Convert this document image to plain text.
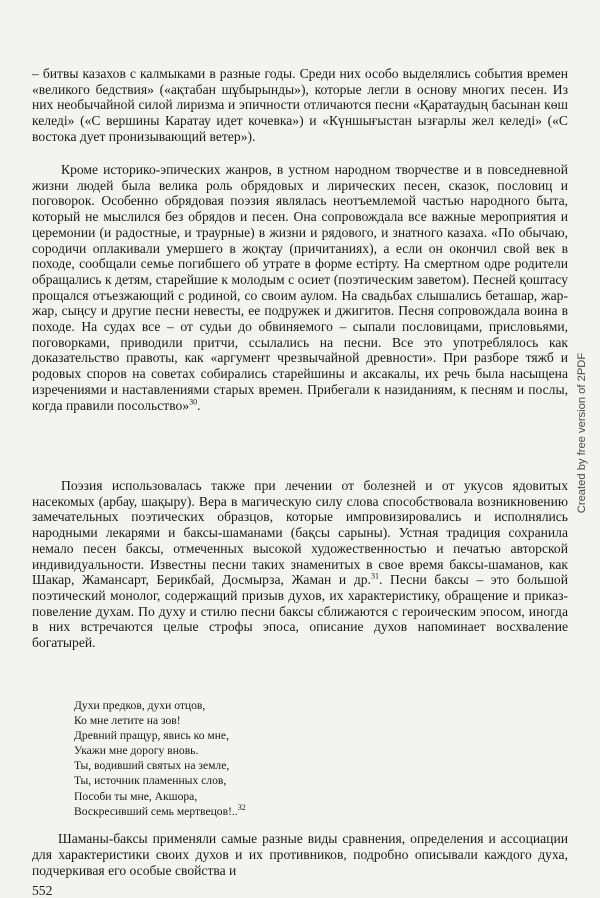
– битвы казахов с калмыками в разные годы. Среди них особо выделялись события времен «великого бедствия» («ақтабан шұбырынды»), которые легли в основу многих песен. Из них необычайной силой лиризма и эпичности отличаются песни «Қаратаудың басынан көш келеді» («С вершины Каратау идет кочевка») и «Күншығыстан ызғарлы жел келеді» («С востока дует пронизывающий ветер»).
Кроме историко-эпических жанров, в устном народном творчестве и в повседневной жизни людей была велика роль обрядовых и лирических песен, сказок, пословиц и поговорок. Особенно обрядовая поэзия являлась неотъемлемой частью народного быта, который не мыслился без обрядов и песен. Она сопровождала все важные мероприятия и церемонии (и радостные, и траурные) в жизни и рядового, и знатного казаха. «По обычаю, сородичи оплакивали умершего в жоқтау (причитаниях), а если он окончил свой век в походе, сообщали семье погибшего об утрате в форме естірту. На смертном одре родители обращались к детям, старейшие к молодым с осиет (поэтическим заветом). Песней қоштасу прощался отъезжающий с родиной, со своим аулом. На свадьбах слышались беташар, жар-жар, сыңсу и другие песни невесты, ее подружек и джигитов. Песня сопровождала воина в походе. На судах все – от судьи до обвиняемого – сыпали пословицами, присловьями, поговорками, приводили притчи, ссылались на песни. Все это употреблялось как доказательство правоты, как «аргумент чрезвычайной древности». При разборе тяжб и родовых споров на советах собирались старейшины и аксакалы, их речь была насыщена изречениями и наставлениями старых времен. Прибегали к назиданиям, к песням и послы, когда правили посольство»$^{30}$.
Поэзия использовалась также при лечении от болезней и от укусов ядовитых насекомых (арбау, шақыру). Вера в магическую силу слова способствовала возникновению замечательных поэтических образцов, которые импровизировались и исполнялись народными лекарями и баксы-шаманами (бақсы сарыны). Устная традиция сохранила немало песен баксы, отмеченных высокой художественностью и печатью авторской индивидуальности. Известны песни таких знаменитых в свое время баксы-шаманов, как Шакар, Жамансарт, Берикбай, Досмырза, Жаман и др.$^{31}$. Песни баксы – это большой поэтический монолог, содержащий призыв духов, их характеристику, обращение и приказ-повеление духам. По духу и стилю песни баксы сближаются с героическим эпосом, иногда в них встречаются целые строфы эпоса, описание духов напоминает восхваление богатырей.
Духи предков, духи отцов,
Ко мне летите на зов!
Древний пращур, явись ко мне,
Укажи мне дорогу вновь.
Ты, водивший святых на земле,
Ты, источник пламенных слов,
Пособи ты мне, Акшора,
Воскресивший семь мертвецов!..$^{32}$
Шаманы-баксы применяли самые разные виды сравнения, определения и ассоциации для характеристики своих духов и их противников, подробно описывали каждого духа, подчеркивая его особые свойства и
552
Created by free version of 2PDF
